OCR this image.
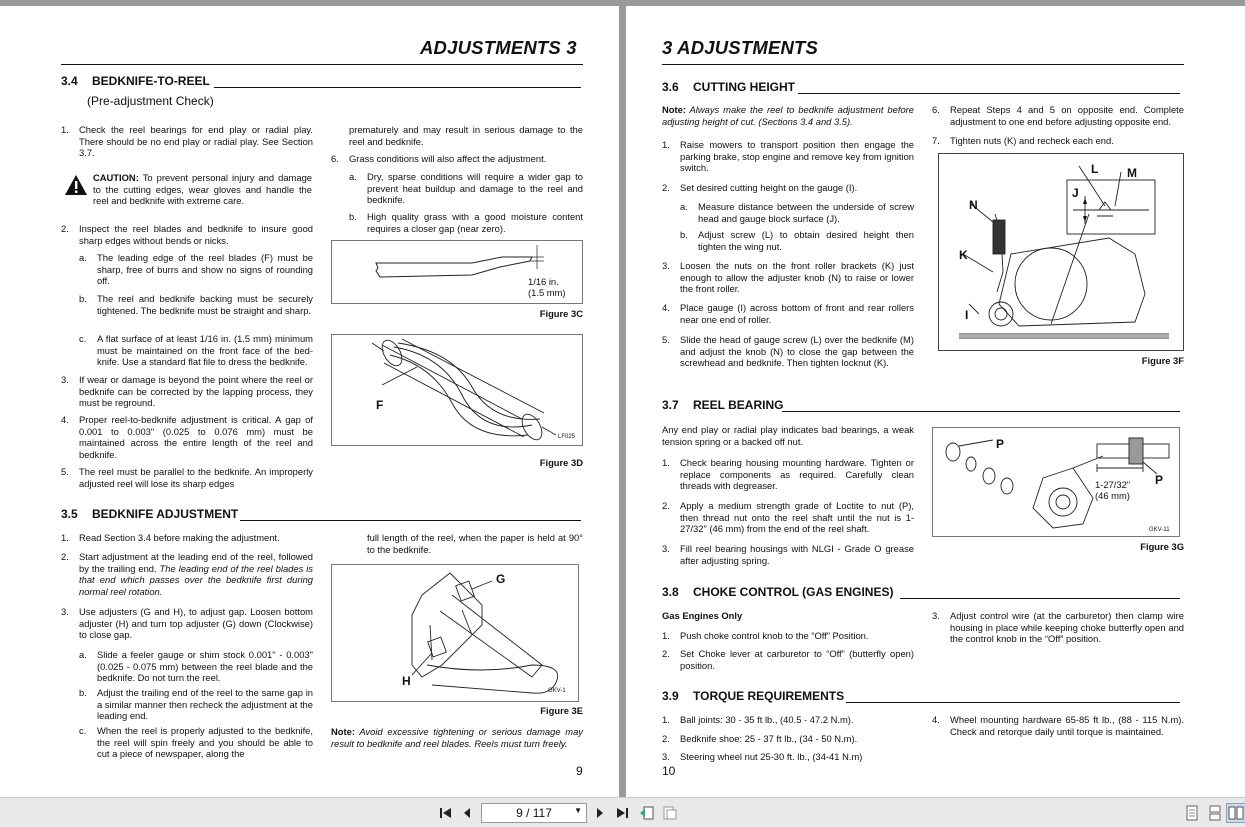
ADJUSTMENTS 3
3.4 BEDKNIFE-TO-REEL
(Pre-adjustment Check)
1. Check the reel bearings for end play or radial play. There should be no end play or radial play. See Section 3.7.
CAUTION: To prevent personal injury and damage to the cutting edges, wear gloves and handle the reel and bedknife with extreme care.
2. Inspect the reel blades and bedknife to insure good sharp edges without bends or nicks.
a. The leading edge of the reel blades (F) must be sharp, free of burrs and show no signs of rounding off.
b. The reel and bedknife backing must be securely tightened. The bedknife must be straight and sharp.
c. A flat surface of at least 1/16 in. (1.5 mm) minimum must be maintained on the front face of the bed-knife. Use a standard flat file to dress the bedknife.
3. If wear or damage is beyond the point where the reel or bedknife can be corrected by the lapping process, they must be reground.
4. Proper reel-to-bedknife adjustment is critical. A gap of 0.001 to 0.003" (0.025 to 0.076 mm) must be maintained across the entire length of the reel and bedknife.
5. The reel must be parallel to the bedknife. An improperly adjusted reel will lose its sharp edges
prematurely and may result in serious damage to the reel and bedknife.
6. Grass conditions will also affect the adjustment.
a. Dry, sparse conditions will require a wider gap to prevent heat buildup and damage to the reel and bedknife.
b. High quality grass with a good moisture content requires a closer gap (near zero).
1/16 in.
(1.5 mm)
Figure 3C
F
LF025
Figure 3D
3.5 BEDKNIFE ADJUSTMENT
1. Read Section 3.4 before making the adjustment.
2. Start adjustment at the leading end of the reel, followed by the trailing end. The leading end of the reel blades is that end which passes over the bedknife first during normal reel rotation.
3. Use adjusters (G and H), to adjust gap. Loosen bottom adjuster (H) and turn top adjuster (G) down (Clockwise) to close gap.
a. Slide a feeler gauge or shim stock 0.001" - 0.003" (0.025 - 0.075 mm) between the reel blade and the bedknife. Do not turn the reel.
b. Adjust the trailing end of the reel to the same gap in a similar manner then recheck the adjustment at the leading end.
c. When the reel is properly adjusted to the bedknife, the reel will spin freely and you should be able to cut a piece of newspaper, along the
full length of the reel, when the paper is held at 90° to the bedknife.
G
H
GKV-1
Figure 3E
Note: Avoid excessive tightening or serious damage may result to bedknife and reel blades. Reels must turn freely.
9
3 ADJUSTMENTS
3.6 CUTTING HEIGHT
Note: Always make the reel to bedknife adjustment before adjusting height of cut. (Sections 3.4 and 3.5).
1. Raise mowers to transport position then engage the parking brake, stop engine and remove key from ignition switch.
2. Set desired cutting height on the gauge (I).
a. Measure distance between the underside of screw head and gauge block surface (J).
b. Adjust screw (L) to obtain desired height then tighten the wing nut.
3. Loosen the nuts on the front roller brackets (K) just enough to allow the adjuster knob (N) to raise or lower the front roller.
4. Place gauge (I) across bottom of front and rear rollers near one end of roller.
5. Slide the head of gauge screw (L) over the bedknife (M) and adjust the knob (N) to close the gap between the screwhead and bedknife. Then tighten locknut (K).
6. Repeat Steps 4 and 5 on opposite end. Complete adjustment to one end before adjusting opposite end.
7. Tighten nuts (K) and recheck each end.
L M
J
N
K
I
Figure 3F
3.7 REEL BEARING
Any end play or radial play indicates bad bearings, a weak tension spring or a backed off nut.
1. Check bearing housing mounting hardware. Tighten or replace components as required. Carefully clean threads with degreaser.
2. Apply a medium strength grade of Loctite to nut (P), then thread nut onto the reel shaft until the nut is 1-27/32" (46 mm) from the end of the reel shaft.
3. Fill reel bearing housings with NLGI - Grade O grease after adjusting spring.
P
P
1-27/32"
(46 mm)
GKV-11
Figure 3G
3.8 CHOKE CONTROL (GAS ENGINES)
Gas Engines Only
1. Push choke control knob to the “Off” Position.
2. Set Choke lever at carburetor to “Off” (butterfly open) position.
3. Adjust control wire (at the carburetor) then clamp wire housing in place while keeping choke butterfly open and the control knob in the “Off” position.
3.9 TORQUE REQUIREMENTS
1. Ball joints: 30 - 35 ft lb., (40.5 - 47.2 N.m).
2. Bedknife shoe: 25 - 37 ft lb., (34 - 50 N.m).
3. Steering wheel nut 25-30 ft. lb., (34-41 N.m)
4. Wheel mounting hardware 65-85 ft lb., (88 - 115 N.m). Check and retorque daily until torque is maintained.
10
9 / 117	▼
